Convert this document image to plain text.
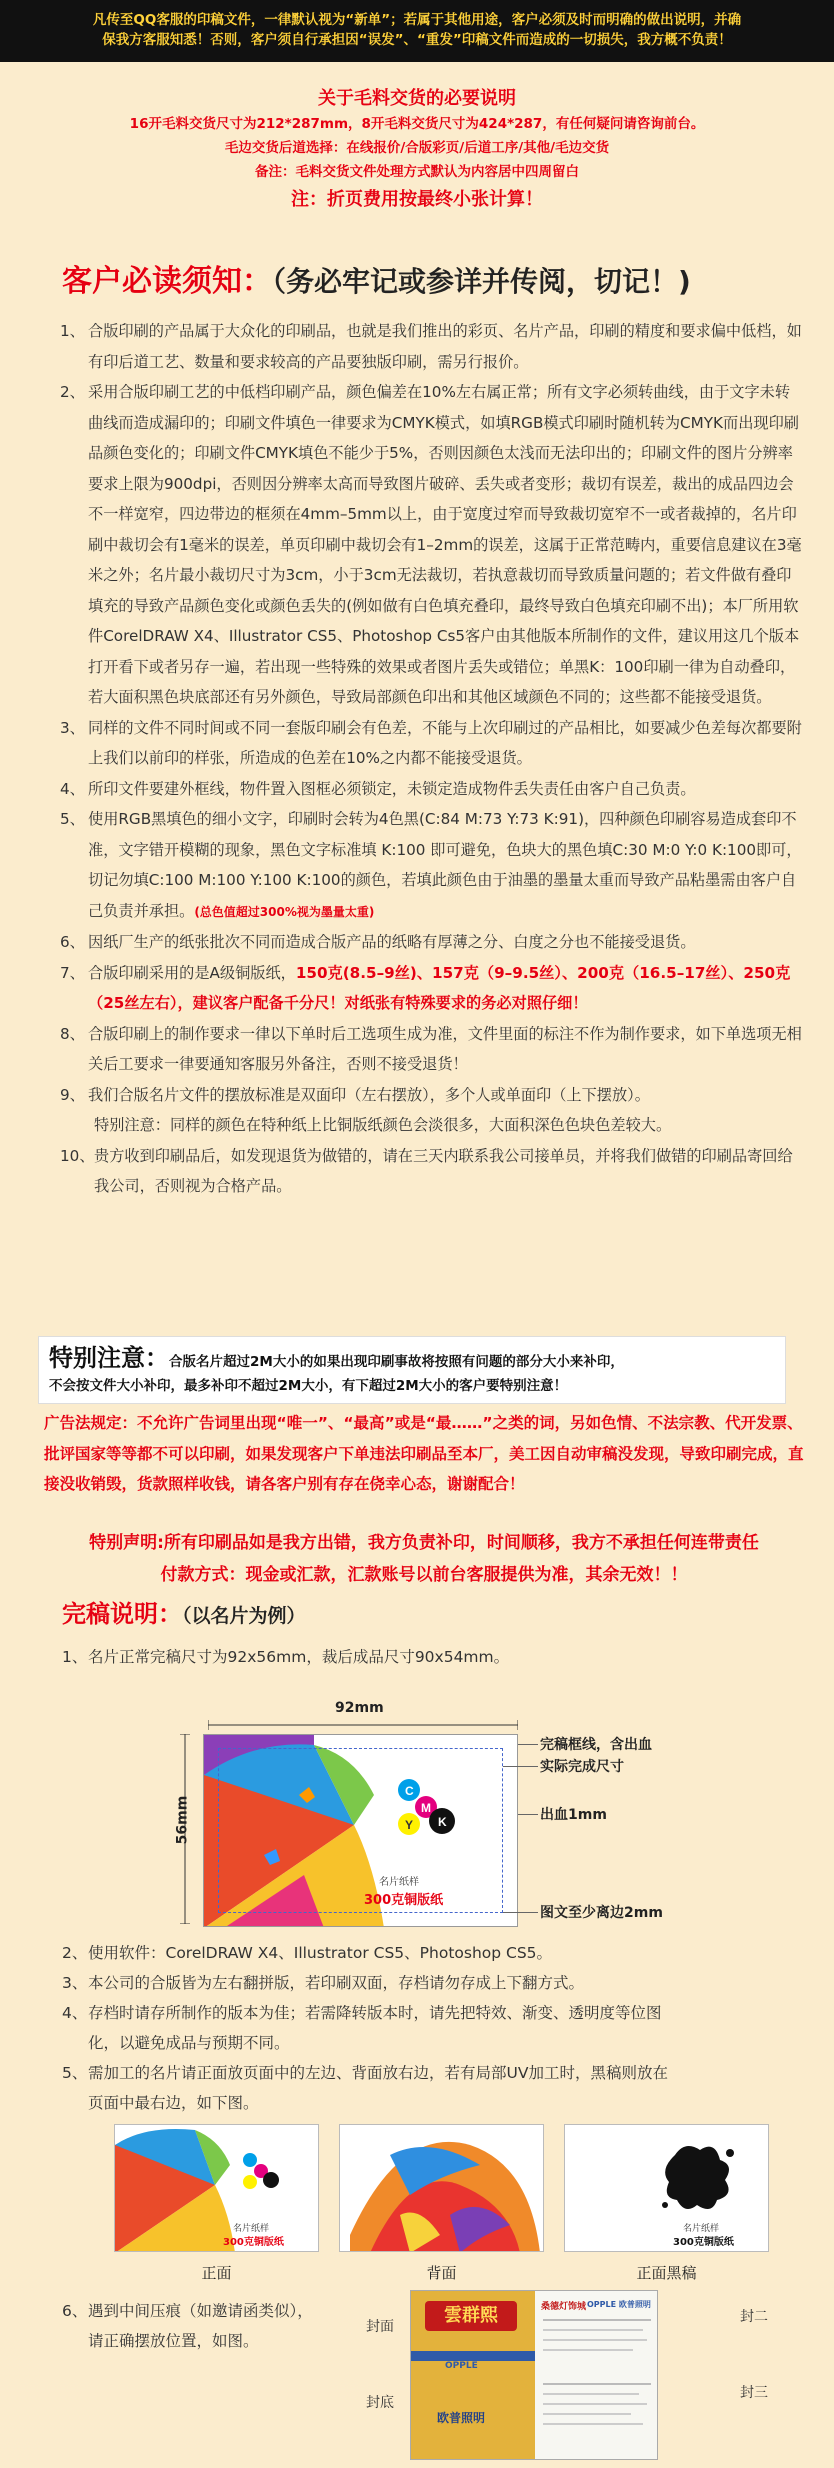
凡传至QQ客服的印稿文件，一律默认视为“新单”；若属于其他用途，客户必须及时而明确的做出说明，并确
保我方客服知悉！否则，客户须自行承担因“误发”、“重发”印稿文件而造成的一切损失，我方概不负责！
关于毛料交货的必要说明
16开毛料交货尺寸为212*287mm，8开毛料交货尺寸为424*287，有任何疑问请咨询前台。
毛边交货后道选择：在线报价/合版彩页/后道工序/其他/毛边交货
备注：毛料交货文件处理方式默认为内容居中四周留白
注：折页费用按最终小张计算！
客户必读须知：（务必牢记或参详并传阅，切记！)
1、 合版印刷的产品属于大众化的印刷品，也就是我们推出的彩页、名片产品，印刷的精度和要求偏中低档，如有印后道工艺、数量和要求较高的产品要独版印刷，需另行报价。
2、 采用合版印刷工艺的中低档印刷产品，颜色偏差在10%左右属正常；所有文字必须转曲线，由于文字未转曲线而造成漏印的；印刷文件填色一律要求为CMYK模式，如填RGB模式印刷时随机转为CMYK而出现印刷品颜色变化的；印刷文件CMYK填色不能少于5%，否则因颜色太浅而无法印出的；印刷文件的图片分辨率要求上限为900dpi，否则因分辨率太高而导致图片破碎、丢失或者变形；裁切有误差，裁出的成品四边会不一样宽窄，四边带边的框须在4mm–5mm以上，由于宽度过窄而导致裁切宽窄不一或者裁掉的，名片印刷中裁切会有1毫米的误差，单页印刷中裁切会有1–2mm的误差，这属于正常范畴内，重要信息建议在3毫米之外；名片最小裁切尺寸为3cm，小于3cm无法裁切，若执意裁切而导致质量问题的；若文件做有叠印填充的导致产品颜色变化或颜色丢失的(例如做有白色填充叠印，最终导致白色填充印刷不出)；本厂所用软件CorelDRAW X4、Illustrator CS5、Photoshop Cs5客户由其他版本所制作的文件，建议用这几个版本打开看下或者另存一遍，若出现一些特殊的效果或者图片丢失或错位；单黑K：100印刷一律为自动叠印，若大面积黑色块底部还有另外颜色，导致局部颜色印出和其他区域颜色不同的；这些都不能接受退货。
3、 同样的文件不同时间或不同一套版印刷会有色差，不能与上次印刷过的产品相比，如要减少色差每次都要附上我们以前印的样张，所造成的色差在10%之内都不能接受退货。
4、 所印文件要建外框线，物件置入图框必须锁定，未锁定造成物件丢失责任由客户自己负责。
5、 使用RGB黑填色的细小文字，印刷时会转为4色黑(C:84 M:73 Y:73 K:91)，四种颜色印刷容易造成套印不准，文字错开模糊的现象，黑色文字标准填 K:100 即可避免，色块大的黑色填C:30 M:0 Y:0 K:100即可，切记勿填C:100 M:100 Y:100 K:100的颜色，若填此颜色由于油墨的墨量太重而导致产品粘墨需由客户自己负责并承担。(总色值超过300%视为墨量太重)
6、 因纸厂生产的纸张批次不同而造成合版产品的纸略有厚薄之分、白度之分也不能接受退货。
7、 合版印刷采用的是A级铜版纸，150克(8.5–9丝)、157克（9–9.5丝）、200克（16.5–17丝）、250克（25丝左右），建议客户配备千分尺！对纸张有特殊要求的务必对照仔细！
8、 合版印刷上的制作要求一律以下单时后工选项生成为准，文件里面的标注不作为制作要求，如下单选项无相关后工要求一律要通知客服另外备注，否则不接受退货！
9、 我们合版名片文件的摆放标准是双面印（左右摆放），多个人或单面印（上下摆放）。
特别注意：同样的颜色在特种纸上比铜版纸颜色会淡很多，大面积深色色块色差较大。
10、 贵方收到印刷品后，如发现退货为做错的，请在三天内联系我公司接单员，并将我们做错的印刷品寄回给我公司，否则视为合格产品。
特别注意：合版名片超过2M大小的如果出现印刷事故将按照有问题的部分大小来补印，
不会按文件大小补印，最多补印不超过2M大小，有下超过2M大小的客户要特别注意！
广告法规定：不允许广告词里出现“唯一”、“最高”或是“最……”之类的词，另如色情、不法宗教、代开发票、批评国家等等都不可以印刷，如果发现客户下单违法印刷品至本厂，美工因自动审稿没发现，导致印刷完成，直接没收销毁，货款照样收钱，请各客户别有存在侥幸心态，谢谢配合！
特别声明:所有印刷品如是我方出错，我方负责补印，时间顺移，我方不承担任何连带责任
付款方式：现金或汇款，汇款账号以前台客服提供为准，其余无效！！
完稿说明：（以名片为例）
1、名片正常完稿尺寸为92x56mm，裁后成品尺寸90x54mm。
92mm
56mm
C
M
Y K
名片纸样
300克铜版纸
完稿框线，含出血
实际完成尺寸
出血1mm
图文至少离边2mm
2、使用软件：CorelDRAW X4、Illustrator CS5、Photoshop CS5。
3、本公司的合版皆为左右翻拼版，若印刷双面，存档请勿存成上下翻方式。
4、存档时请存所制作的版本为佳；若需降转版本时，请先把特效、渐变、透明度等位图
化，以避免成品与预期不同。
5、需加工的名片请正面放页面中的左边、背面放右边，若有局部UV加工时，黑稿则放在
页面中最右边，如下图。
名片纸样
300克铜版纸
名片纸样
300克铜版纸
正面	背面	正面黑稿
6、遇到中间压痕（如邀请函类似），
请正确摆放位置，如图。
雲群熙
OPPLE
欧普照明
桑德灯饰城 OPPLE 欧普照明
封面
封底
封二
封三
